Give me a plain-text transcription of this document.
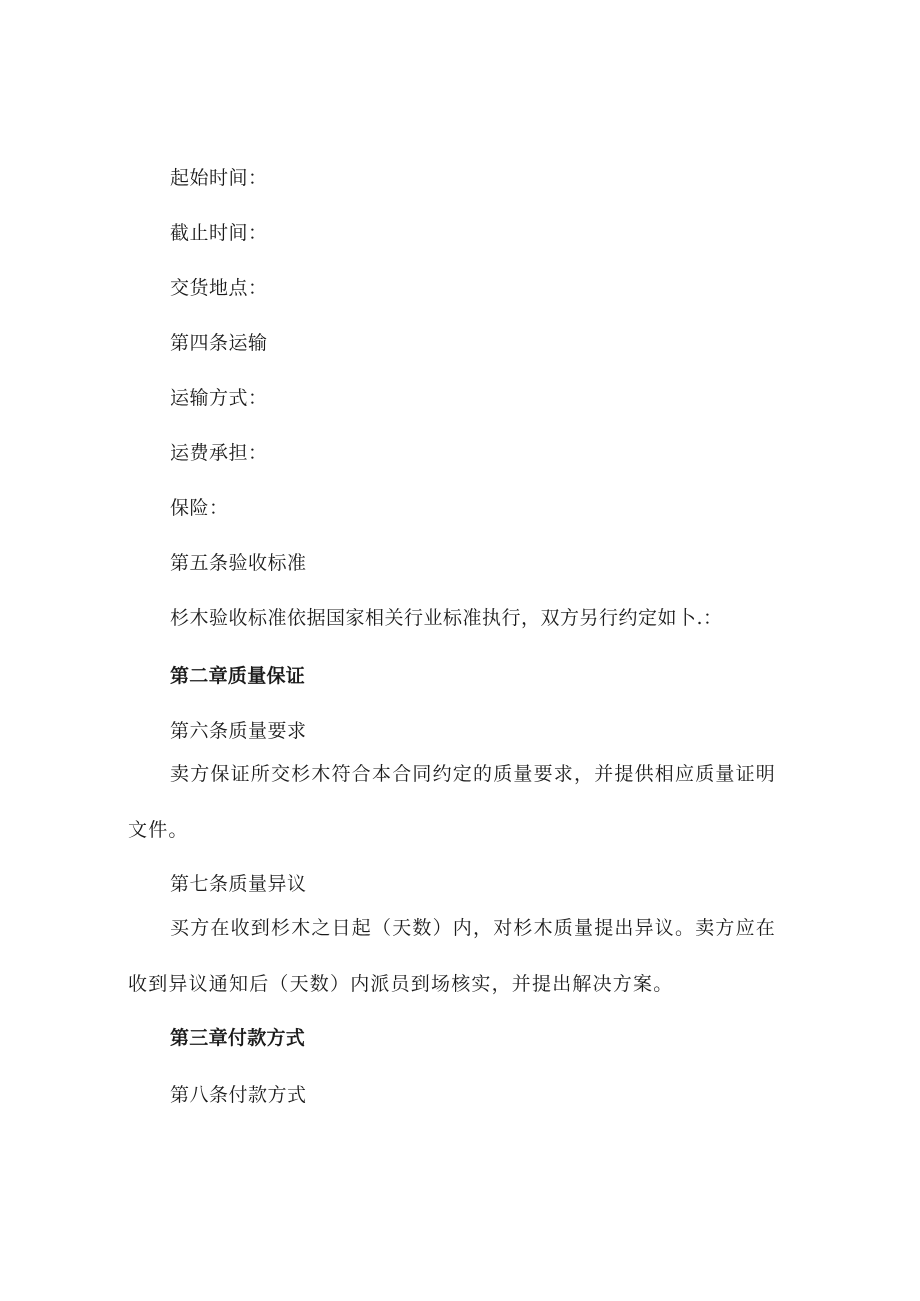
起始时间：
截止时间：
交货地点：
第四条运输
运输方式：
运费承担：
保险：
第五条验收标准
杉木验收标准依据国家相关行业标准执行，双方另行约定如卜.：
第二章质量保证
第六条质量要求
卖方保证所交杉木符合本合同约定的质量要求，并提供相应质量证明文件。
第七条质量异议
买方在收到杉木之日起（天数）内，对杉木质量提出异议。卖方应在收到异议通知后（天数）内派员到场核实，并提出解决方案。
第三章付款方式
第八条付款方式
